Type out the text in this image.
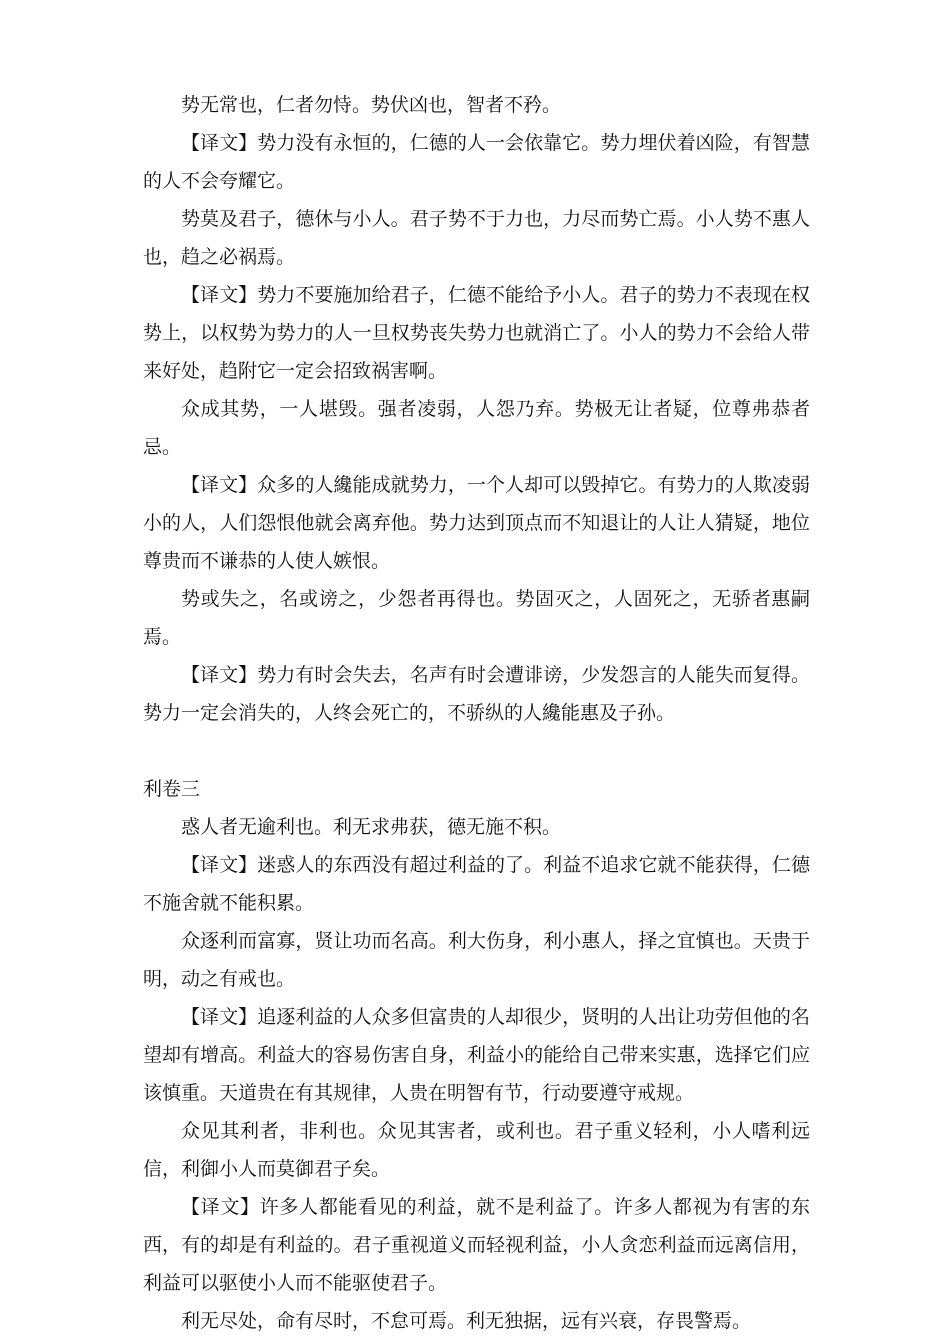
势无常也，仁者勿恃。势伏凶也，智者不矜。

【译文】势力没有永恒的，仁德的人一会依靠它。势力埋伏着凶险，有智慧的人不会夸耀它。

势莫及君子，德休与小人。君子势不于力也，力尽而势亡焉。小人势不惠人也，趋之必祸焉。

【译文】势力不要施加给君子，仁德不能给予小人。君子的势力不表现在权势上，以权势为势力的人一旦权势丧失势力也就消亡了。小人的势力不会给人带来好处，趋附它一定会招致祸害啊。

众成其势，一人堪毁。强者凌弱，人怨乃弃。势极无让者疑，位尊弗恭者忌。

【译文】众多的人纔能成就势力，一个人却可以毁掉它。有势力的人欺凌弱小的人，人们怨恨他就会离弃他。势力达到顶点而不知退让的人让人猜疑，地位尊贵而不谦恭的人使人嫉恨。

势或失之，名或谤之，少怨者再得也。势固灭之，人固死之，无骄者惠嗣焉。

【译文】势力有时会失去，名声有时会遭诽谤，少发怨言的人能失而复得。势力一定会消失的，人终会死亡的，不骄纵的人纔能惠及子孙。

利卷三

惑人者无逾利也。利无求弗获，德无施不积。

【译文】迷惑人的东西没有超过利益的了。利益不追求它就不能获得，仁德不施舍就不能积累。

众逐利而富寡，贤让功而名高。利大伤身，利小惠人，择之宜慎也。天贵于明，动之有戒也。

【译文】追逐利益的人众多但富贵的人却很少，贤明的人出让功劳但他的名望却有增高。利益大的容易伤害自身，利益小的能给自己带来实惠，选择它们应该慎重。天道贵在有其规律，人贵在明智有节，行动要遵守戒规。

众见其利者，非利也。众见其害者，或利也。君子重义轻利，小人嗜利远信，利御小人而莫御君子矣。

【译文】许多人都能看见的利益，就不是利益了。许多人都视为有害的东西，有的却是有利益的。君子重视道义而轻视利益，小人贪恋利益而远离信用，利益可以驱使小人而不能驱使君子。

利无尽处，命有尽时，不怠可焉。利无独据，远有兴衰，存畏警焉。
